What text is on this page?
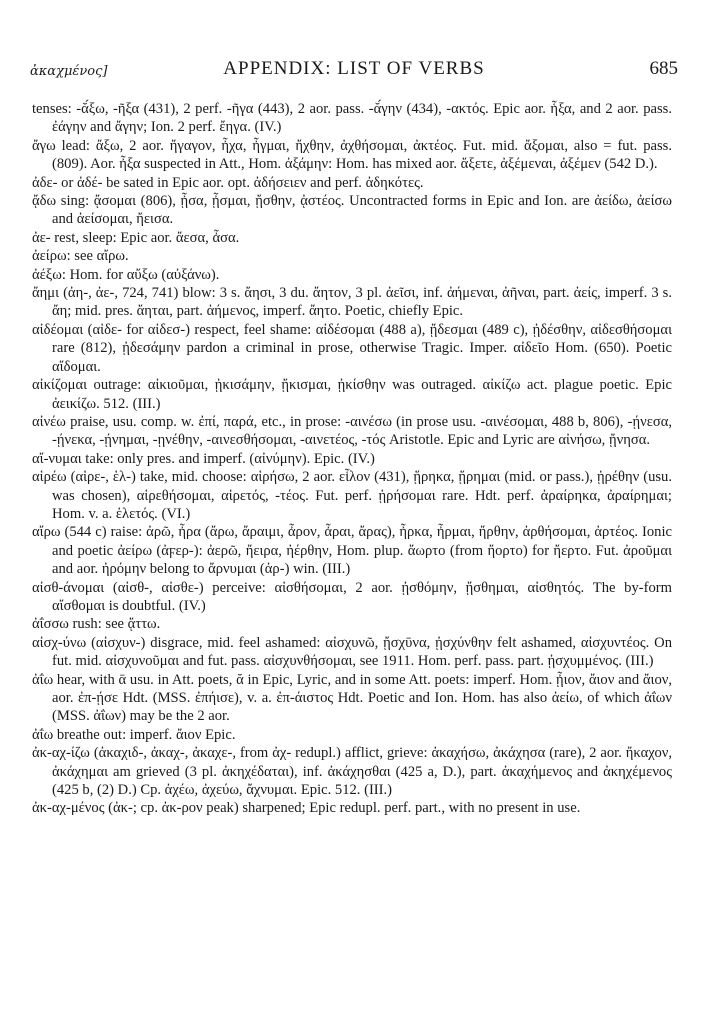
ἀκαχμένος]	APPENDIX: LIST OF VERBS	685

tenses: -ᾰ́ξω, -ῆξα (431), 2 perf. -ῆγα (443), 2 aor. pass. -ᾰ́γην (434), -ακτός. Epic aor. ἧξα, and 2 aor. pass. ἐάγην and ἄγην; Ion. 2 perf. ἔηγα. (IV.)

ἄγω lead: ἄξω, 2 aor. ἤγαγον, ἦχα, ἦγμαι, ἤχθην, ἀχθήσομαι, ἀκτέος. Fut. mid. ἄξομαι, also = fut. pass. (809). Aor. ἦξα suspected in Att., Hom. ἀξάμην: Hom. has mixed aor. ἄξετε, ἀξέμεναι, ἀξέμεν (542 D.).

ἀδε- or ἀδέ- be sated in Epic aor. opt. ἀδήσειεν and perf. ἀδηκότες.

ᾄδω sing: ᾄσομαι (806), ᾖσα, ᾖσμαι, ᾔσθην, ᾀστέος. Uncontracted forms in Epic and Ion. are ἀείδω, ἀείσω and ἀείσομαι, ἤεισα.

ἀε- rest, sleep: Epic aor. ἄεσα, ἆσα.

ἀείρω: see αἴρω.

ἀέξω: Hom. for αὔξω (αὐξάνω).

ἄημι (ἀη-, ἀε-, 724, 741) blow: 3 s. ἄησι, 3 du. ἄητον, 3 pl. ἀεῖσι, inf. ἀήμεναι, ἀῆναι, part. ἀείς, imperf. 3 s. ἄη; mid. pres. ἄηται, part. ἀήμενος, imperf. ἄητο. Poetic, chiefly Epic.

αἰδέομαι (αἰδε- for αἰδεσ-) respect, feel shame: αἰδέσομαι (488 a), ᾔδεσμαι (489 c), ᾐδέσθην, αἰδεσθήσομαι rare (812), ᾐδεσάμην pardon a criminal in prose, otherwise Tragic. Imper. αἰδεῖο Hom. (650). Poetic αἴδομαι.

αἰκίζομαι outrage: αἰκιοῦμαι, ᾐκισάμην, ᾔκισμαι, ᾐκίσθην was outraged. αἰκίζω act. plague poetic. Epic ἀεικίζω. 512. (III.)

αἰνέω praise, usu. comp. w. ἐπί, παρά, etc., in prose: -αινέσω (in prose usu. -αινέσομαι, 488 b, 806), -ῄνεσα, -ῄνεκα, -ῄνημαι, -ῃνέθην, -αινεσθήσομαι, -αινετέος, -τός Aristotle. Epic and Lyric are αἰνήσω, ᾔνησα.

αἴ-νυμαι take: only pres. and imperf. (αἰνύμην). Epic. (IV.)

αἱρέω (αἱρε-, ἑλ-) take, mid. choose: αἱρήσω, 2 aor. εἷλον (431), ᾕρηκα, ᾕρημαι (mid. or pass.), ᾑρέθην (usu. was chosen), αἱρεθήσομαι, αἱρετός, -τέος. Fut. perf. ᾑρήσομαι rare. Hdt. perf. ἀραίρηκα, ἀραίρημαι; Hom. v. a. ἑλετός. (VI.)

αἴρω (544 c) raise: ἀρῶ, ἦρα (ἄρω, ἄραιμι, ἆρον, ἆραι, ἄρας), ἦρκα, ἦρμαι, ἤρθην, ἀρθήσομαι, ἀρτέος. Ionic and poetic ἀείρω (ἀϝερ-): ἀερῶ, ἤειρα, ἠέρθην, Hom. plup. ἄωρτο (from ἤορτο) for ἤερτο. Fut. ἀροῦμαι and aor. ἠρόμην belong to ἄρνυμαι (ἀρ-) win. (III.)

αἰσθ-άνομαι (αἰσθ-, αἰσθε-) perceive: αἰσθήσομαι, 2 aor. ᾐσθόμην, ᾔσθημαι, αἰσθητός. The by-form αἴσθομαι is doubtful. (IV.)

ἀΐσσω rush: see ᾄττω.

αἰσχ-ύνω (αἰσχυν-) disgrace, mid. feel ashamed: αἰσχυνῶ, ᾔσχῡνα, ᾐσχύνθην felt ashamed, αἰσχυντέος. On fut. mid. αἰσχυνοῦμαι and fut. pass. αἰσχυνθήσομαι, see 1911. Hom. perf. pass. part. ᾐσχυμμένος. (III.)

ἀΐω hear, with ᾱ usu. in Att. poets, ᾰ in Epic, Lyric, and in some Att. poets: imperf. Hom. ᾖιον, ἄιον and ἄιον, aor. ἐπ-ῄσε Hdt. (MSS. ἐπήισε), v. a. ἐπ-άιστος Hdt. Poetic and Ion. Hom. has also ἀείω, of which ἀΐων (MSS. ἀΐων) may be the 2 aor.

ἀΐω breathe out: imperf. ἄιον Epic.

ἀκ-αχ-ίζω (ἀκαχιδ-, ἀκαχ-, ἀκαχε-, from ἀχ- redupl.) afflict, grieve: ἀκαχήσω, ἀκάχησα (rare), 2 aor. ἤκαχον, ἀκάχημαι am grieved (3 pl. ἀκηχέδαται), inf. ἀκάχησθαι (425 a, D.), part. ἀκαχήμενος and ἀκηχέμενος (425 b, (2) D.) Cp. ἀχέω, ἀχεύω, ἄχνυμαι. Epic. 512. (III.)

ἀκ-αχ-μένος (ἀκ-; cp. ἀκ-ρον peak) sharpened; Epic redupl. perf. part., with no present in use.
